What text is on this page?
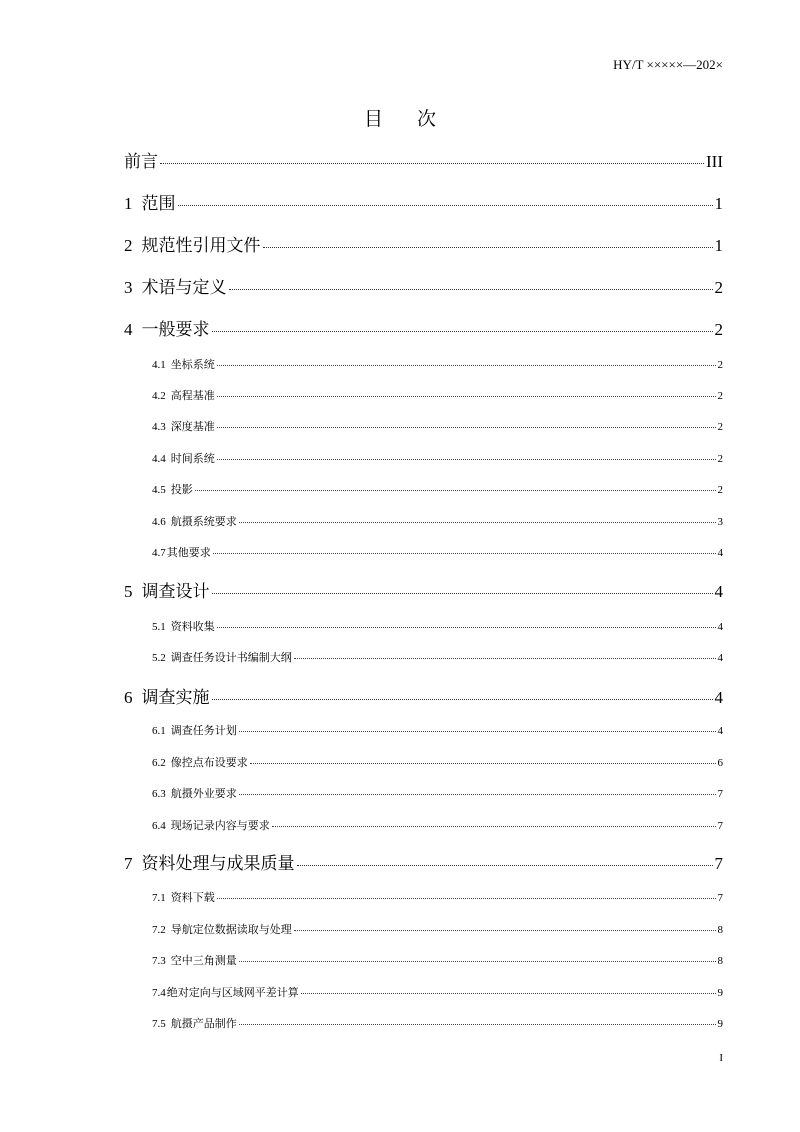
HY/T ×××××—202×
目 次
前言	III
1 范围	1
2 规范性引用文件	1
3 术语与定义	2
4 一般要求	2
4.1 坐标系统	2
4.2 高程基准	2
4.3 深度基准	2
4.4 时间系统	2
4.5 投影	2
4.6 航摄系统要求	3
4.7 其他要求	4
5 调查设计	4
5.1 资料收集	4
5.2 调查任务设计书编制大纲	4
6 调查实施	4
6.1 调查任务计划	4
6.2 像控点布设要求	6
6.3 航摄外业要求	7
6.4 现场记录内容与要求	7
7 资料处理与成果质量	7
7.1 资料下载	7
7.2 导航定位数据读取与处理	8
7.3 空中三角测量	8
7.4 绝对定向与区域网平差计算	9
7.5 航摄产品制作	9
I
